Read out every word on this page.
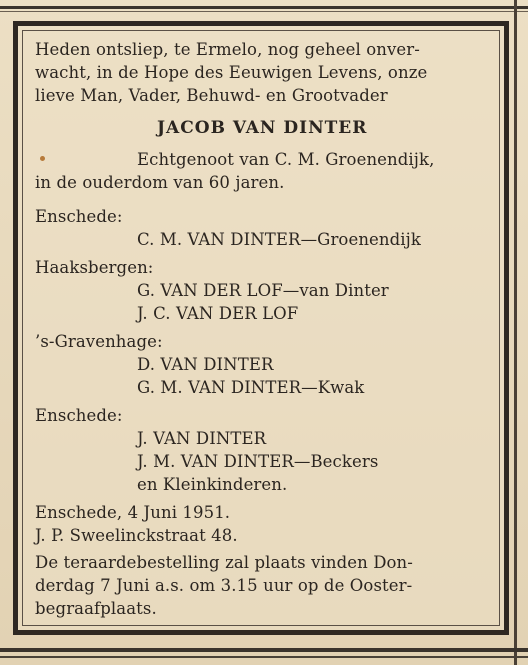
Heden ontsliep, te Ermelo, nog geheel onver-
wacht, in de Hope des Eeuwigen Levens, onze
lieve Man, Vader, Behuwd- en Grootvader
JACOB VAN DINTER
Echtgenoot van C. M. Groenendijk,
in de ouderdom van 60 jaren.
Enschede:
C. M. VAN DINTER—Groenendijk
Haaksbergen:
G. VAN DER LOF—van Dinter
J. C. VAN DER LOF
’s-Gravenhage:
D. VAN DINTER
G. M. VAN DINTER—Kwak
Enschede:
J. VAN DINTER
J. M. VAN DINTER—Beckers
en Kleinkinderen.
Enschede, 4 Juni 1951.
J. P. Sweelinckstraat 48.
De teraardebestelling zal plaats vinden Don-
derdag 7 Juni a.s. om 3.15 uur op de Ooster-
begraafplaats.
